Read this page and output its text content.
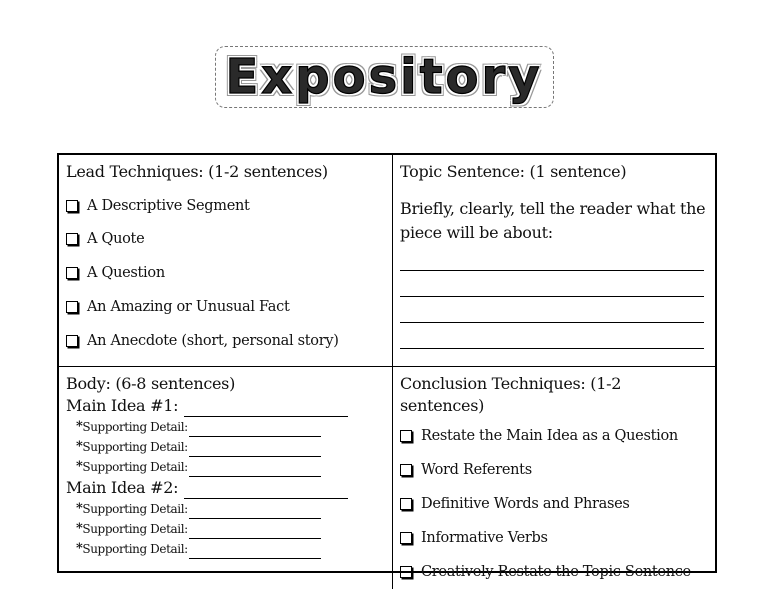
Expository
Lead Techniques: (1-2 sentences)
A Descriptive Segment
A Quote
A Question
An Amazing or Unusual Fact
An Anecdote (short, personal story)
Topic Sentence: (1 sentence)
Briefly, clearly, tell the reader what the piece will be about:
Body: (6-8 sentences)
Main Idea #1:
* Supporting Detail:
* Supporting Detail:
* Supporting Detail:
Main Idea #2:
* Supporting Detail:
* Supporting Detail:
* Supporting Detail:
Conclusion Techniques: (1-2 sentences)
Restate the Main Idea as a Question
Word Referents
Definitive Words and Phrases
Informative Verbs
Creatively Restate the Topic Sentence
